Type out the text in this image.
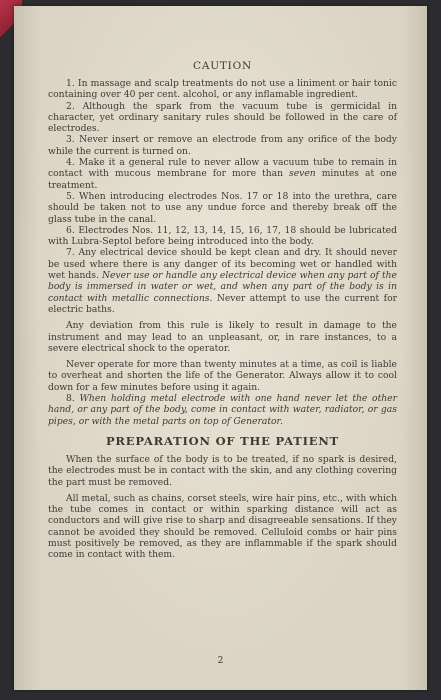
CAUTION

1. In massage and scalp treatments do not use a liniment or hair tonic containing over 40 per cent. alcohol, or any inflamable ingredient.

2. Although the spark from the vacuum tube is germicidal in character, yet ordinary sanitary rules should be followed in the care of electrodes.

3. Never insert or remove an electrode from any orifice of the body while the current is turned on.

4. Make it a general rule to never allow a vacuum tube to remain in contact with mucous membrane for more than seven minutes at one treatment.

5. When introducing electrodes Nos. 17 or 18 into the urethra, care should be taken not to use any undue force and thereby break off the glass tube in the canal.

6. Electrodes Nos. 11, 12, 13, 14, 15, 16, 17, 18 should be lubricated with Lubra-Septol before being introduced into the body.

7. Any electrical device should be kept clean and dry. It should never be used where there is any danger of its becoming wet or handled with wet hands. Never use or handle any electrical device when any part of the body is immersed in water or wet, and when any part of the body is in contact with metallic connections. Never attempt to use the current for electric baths.

Any deviation from this rule is likely to result in damage to the instrument and may lead to an unpleasant, or, in rare instances, to a severe electrical shock to the operator.

Never operate for more than twenty minutes at a time, as coil is liable to overheat and shorten the life of the Generator. Always allow it to cool down for a few minutes before using it again.

8. When holding metal electrode with one hand never let the other hand, or any part of the body, come in contact with water, radiator, or gas pipes, or with the metal parts on top of Generator.

PREPARATION OF THE PATIENT

When the surface of the body is to be treated, if no spark is desired, the electrodes must be in contact with the skin, and any clothing covering the part must be removed.

All metal, such as chains, corset steels, wire hair pins, etc., with which the tube comes in contact or within sparking distance will act as conductors and will give rise to sharp and disagreeable sensations. If they cannot be avoided they should be removed. Celluloid combs or hair pins must positively be removed, as they are inflammable if the spark should come in contact with them.

2
